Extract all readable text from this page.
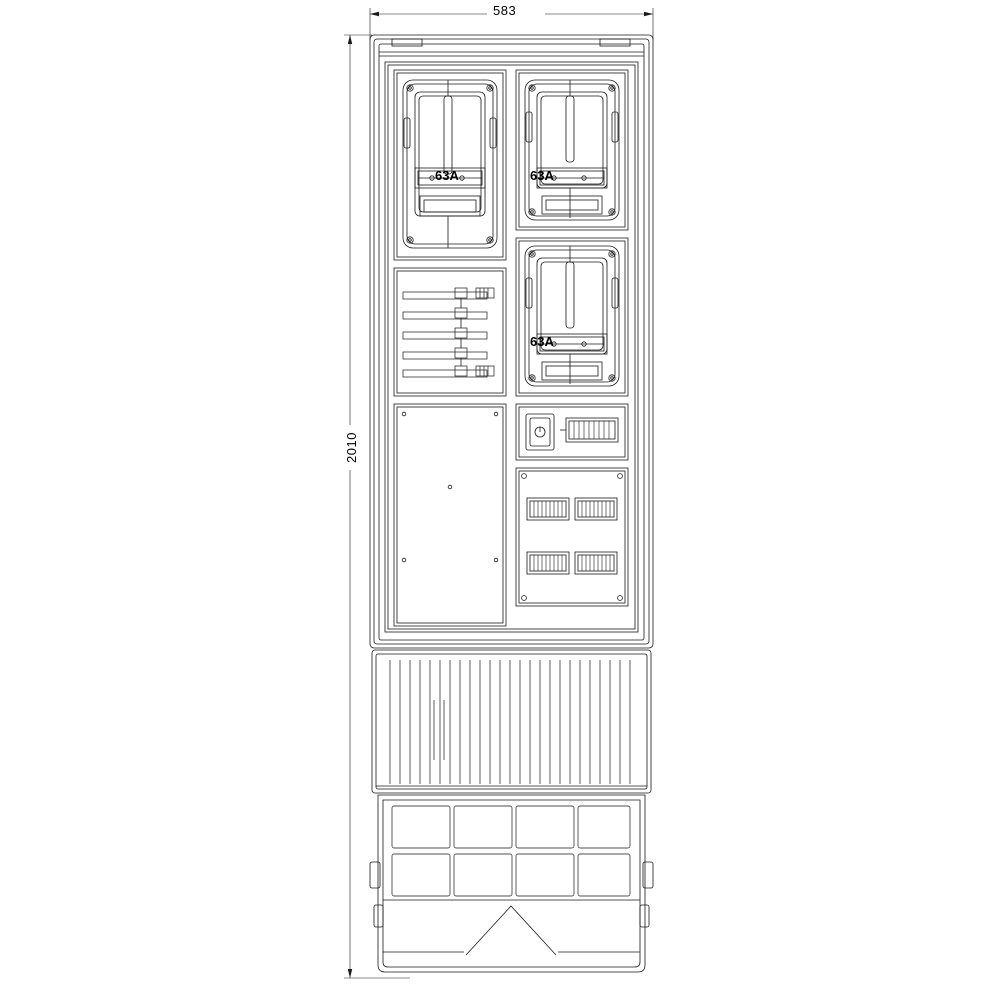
583
2010
63A	63A
63A
